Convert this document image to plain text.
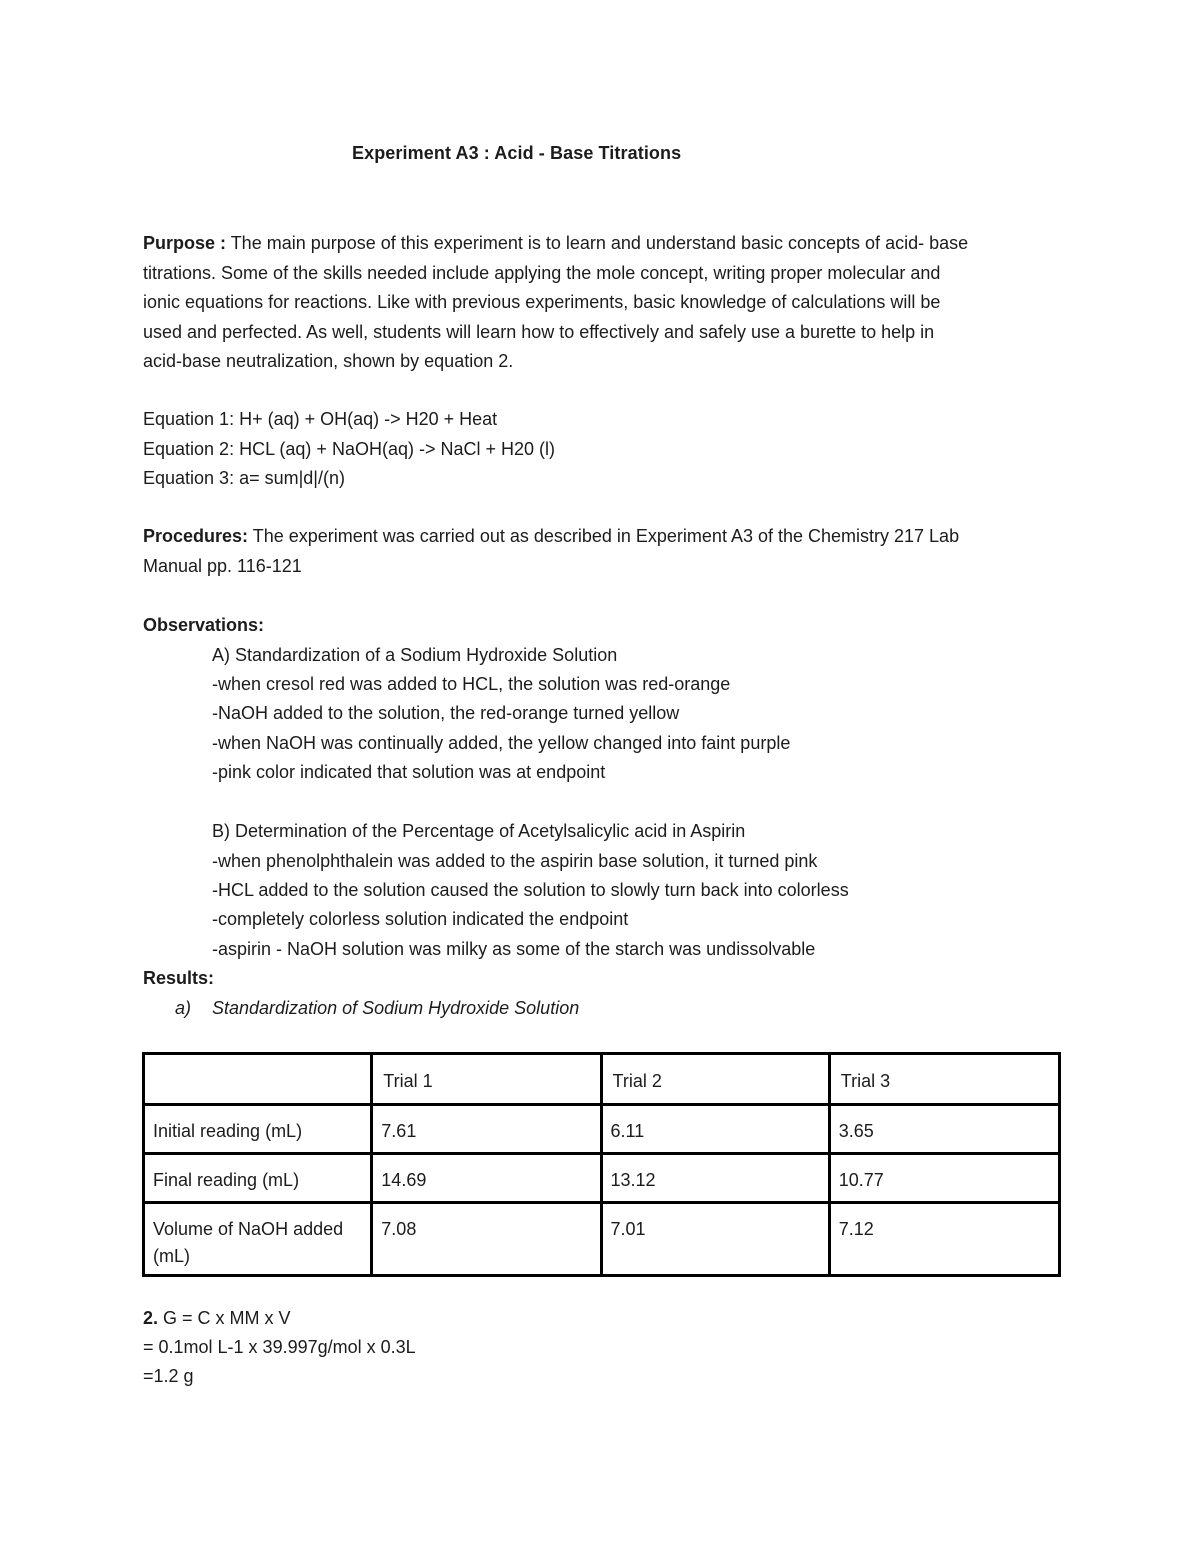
Experiment A3 : Acid - Base Titrations
Purpose : The main purpose of this experiment is to learn and understand basic concepts of acid- base
titrations. Some of the skills needed include applying the mole concept, writing proper molecular and
ionic equations for reactions. Like with previous experiments, basic knowledge of calculations will be
used and perfected. As well, students will learn how to effectively and safely use a burette to help in
acid-base neutralization, shown by equation 2.
Equation 1: H+ (aq) + OH(aq) -> H20 + Heat
Equation 2: HCL (aq) + NaOH(aq) -> NaCl + H20 (l)
Equation 3: a= sum|d|/(n)
Procedures: The experiment was carried out as described in Experiment A3 of the Chemistry 217 Lab
Manual pp. 116-121
Observations:
A) Standardization of a Sodium Hydroxide Solution
-when cresol red was added to HCL, the solution was red-orange
-NaOH added to the solution, the red-orange turned yellow
-when NaOH was continually added, the yellow changed into faint purple
-pink color indicated that solution was at endpoint
B) Determination of the Percentage of Acetylsalicylic acid in Aspirin
-when phenolphthalein was added to the aspirin base solution, it turned pink
-HCL added to the solution caused the solution to slowly turn back into colorless
-completely colorless solution indicated the endpoint
-aspirin - NaOH solution was milky as some of the starch was undissolvable
Results:
a) Standardization of Sodium Hydroxide Solution
	Trial 1	Trial 2	Trial 3
Initial reading (mL)	7.61	6.11	3.65
Final reading (mL)	14.69	13.12	10.77
Volume of NaOH added (mL)	7.08	7.01	7.12
2. G = C x MM x V
= 0.1mol L-1 x 39.997g/mol x 0.3L
=1.2 g
